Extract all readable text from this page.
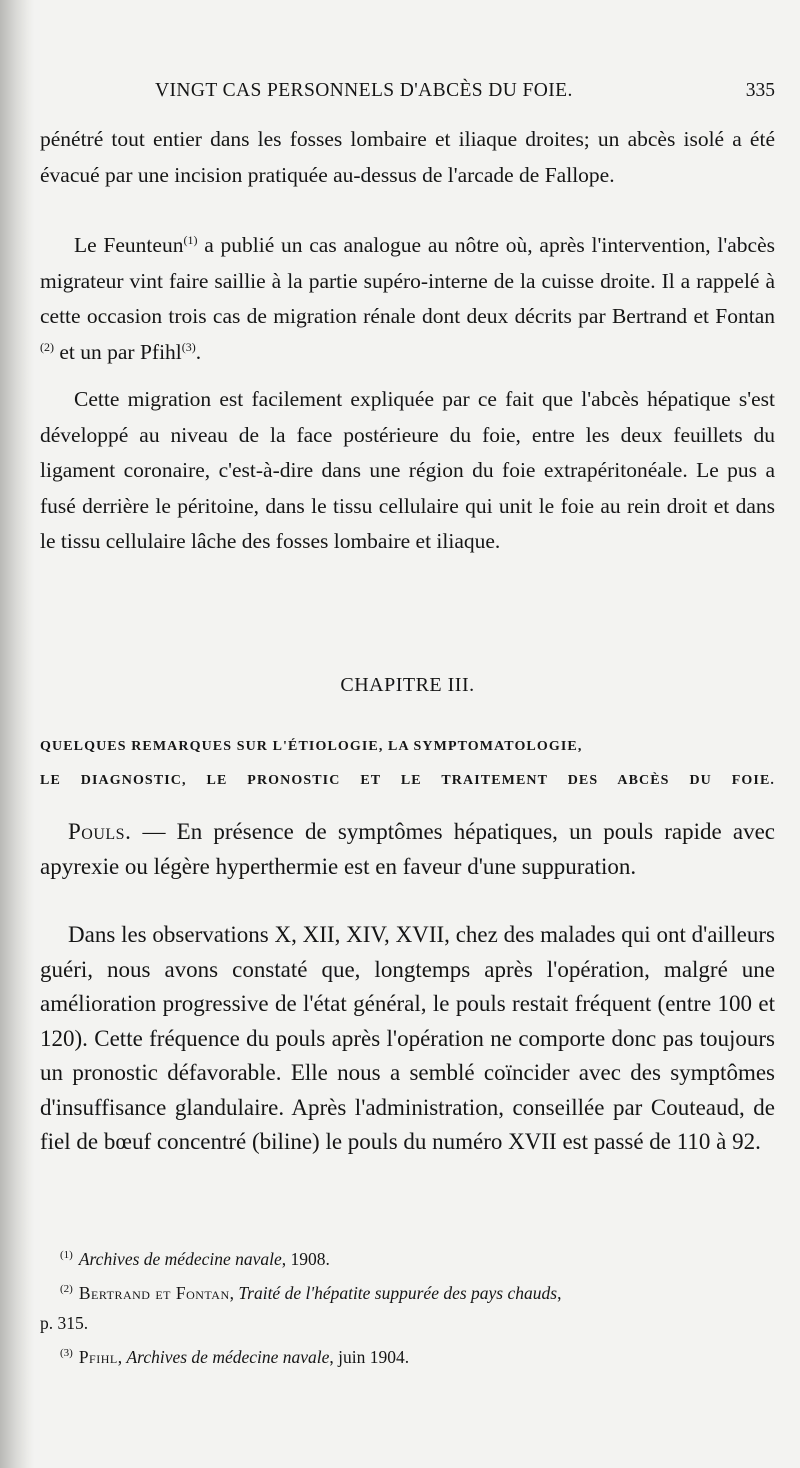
VINGT CAS PERSONNELS D'ABCÈS DU FOIE.	335
pénétré tout entier dans les fosses lombaire et iliaque droites; un abcès isolé a été évacué par une incision pratiquée au-dessus de l'arcade de Fallope.
Le Feunteun$^{(1)}$ a publié un cas analogue au nôtre où, après l'intervention, l'abcès migrateur vint faire saillie à la partie supéro-interne de la cuisse droite. Il a rappelé à cette occasion trois cas de migration rénale dont deux décrits par Bertrand et Fontan $^{(2)}$ et un par Pfihl$^{(3)}$.
Cette migration est facilement expliquée par ce fait que l'abcès hépatique s'est développé au niveau de la face postérieure du foie, entre les deux feuillets du ligament coronaire, c'est-à-dire dans une région du foie extrapéritonéale. Le pus a fusé derrière le péritoine, dans le tissu cellulaire qui unit le foie au rein droit et dans le tissu cellulaire lâche des fosses lombaire et iliaque.
CHAPITRE III.
QUELQUES REMARQUES SUR L'ÉTIOLOGIE, LA SYMPTOMATOLOGIE,
LE DIAGNOSTIC, LE PRONOSTIC ET LE TRAITEMENT DES ABCÈS DU FOIE.
Pouls. — En présence de symptômes hépatiques, un pouls rapide avec apyrexie ou légère hyperthermie est en faveur d'une suppuration.
Dans les observations X, XII, XIV, XVII, chez des malades qui ont d'ailleurs guéri, nous avons constaté que, longtemps après l'opération, malgré une amélioration progressive de l'état général, le pouls restait fréquent (entre 100 et 120). Cette fréquence du pouls après l'opération ne comporte donc pas toujours un pronostic défavorable. Elle nous a semblé coïncider avec des symptômes d'insuffisance glandulaire. Après l'administration, conseillée par Couteaud, de fiel de bœuf concentré (biline) le pouls du numéro XVII est passé de 110 à 92.
$^{(1)}$ Archives de médecine navale, 1908.
$^{(2)}$ Bertrand et Fontan, Traité de l'hépatite suppurée des pays chauds,
p. 315.
$^{(3)}$ Pfihl, Archives de médecine navale, juin 1904.
